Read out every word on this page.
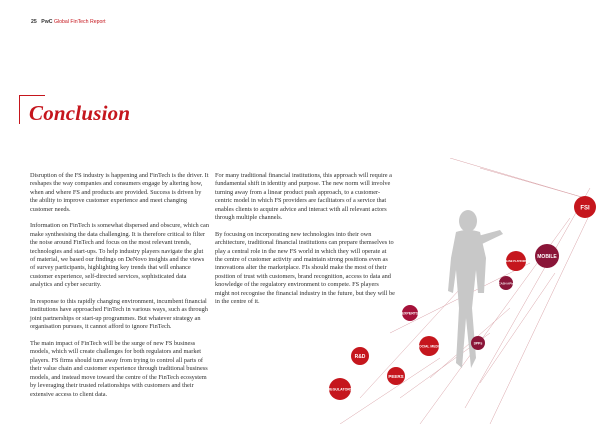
25 PwC Global FinTech Report
Conclusion

Disruption of the FS industry is happening and FinTech is the driver. It reshapes the way companies and consumers engage by altering how, when and where FS and products are provided. Success is driven by the ability to improve customer experience and meet changing customer needs.

Information on FinTech is somewhat dispersed and obscure, which can make synthesising the data challenging. It is therefore critical to filter the noise around FinTech and focus on the most relevant trends, technologies and start-ups. To help industry players navigate the glut of material, we based our findings on DeNovo insights and the views of survey participants, highlighting key trends that will enhance customer experience, self-directed services, sophisticated data analytics and cyber security.

In response to this rapidly changing environment, incumbent financial institutions have approached FinTech in various ways, such as through joint partnerships or start-up programmes. But whatever strategy an organisation pursues, it cannot afford to ignore FinTech.

The main impact of FinTech will be the surge of new FS business models, which will create challenges for both regulators and market players. FS firms should turn away from trying to control all parts of their value chain and customer experience through traditional business models, and instead move toward the centre of the FinTech ecosystem by leveraging their trusted relationships with customers and their extensive access to client data.

For many traditional financial institutions, this approach will require a fundamental shift in identity and purpose. The new norm will involve turning away from a linear product push approach, to a customer-centric model in which FS providers are facilitators of a service that enables clients to acquire advice and interact with all relevant actors through multiple channels.

By focusing on incorporating new technologies into their own architecture, traditional financial institutions can prepare themselves to play a central role in the new FS world in which they will operate at the centre of customer activity and maintain strong positions even as innovations alter the marketplace. FIs should make the most of their position of trust with customers, brand recognition, access to data and knowledge of the regulatory environment to compete. FS players might not recognise the financial industry in the future, but they will be in the centre of it.

FSI
MOBILE
ONLINE PLATFORMS
CASH APIs
EXPERTS
SOCIAL MEDIA
3PPs
R&D
PEERS
REGULATORS
